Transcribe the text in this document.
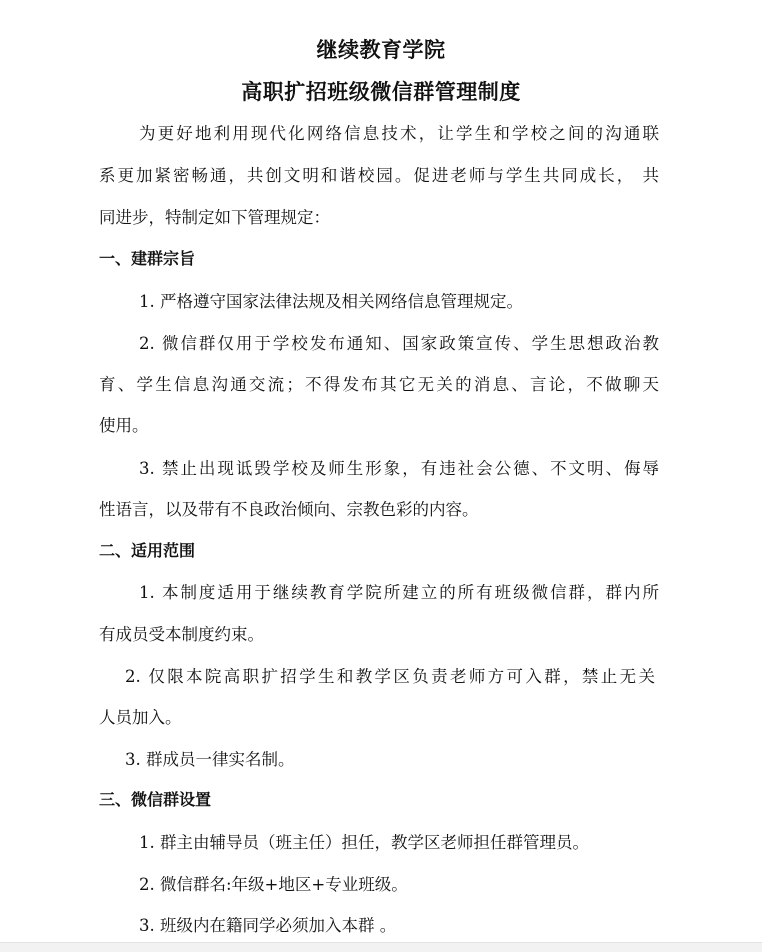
继续教育学院
高职扩招班级微信群管理制度
为更好地利用现代化网络信息技术，让学生和学校之间的沟通联
系更加紧密畅通，共创文明和谐校园。促进老师与学生共同成长， 共
同进步，特制定如下管理规定：
一、建群宗旨
1. 严格遵守国家法律法规及相关网络信息管理规定。
2. 微信群仅用于学校发布通知、国家政策宣传、学生思想政治教
育、学生信息沟通交流；不得发布其它无关的消息、言论，不做聊天
使用。
3. 禁止出现诋毁学校及师生形象，有违社会公德、不文明、侮辱
性语言，以及带有不良政治倾向、宗教色彩的内容。
二、适用范围
1. 本制度适用于继续教育学院所建立的所有班级微信群，群内所
有成员受本制度约束。
2. 仅限本院高职扩招学生和教学区负责老师方可入群，禁止无关
人员加入。
3. 群成员一律实名制。
三、微信群设置
1. 群主由辅导员（班主任）担任，教学区老师担任群管理员。
2. 微信群名:年级+地区+专业班级。
3. 班级内在籍同学必须加入本群 。
